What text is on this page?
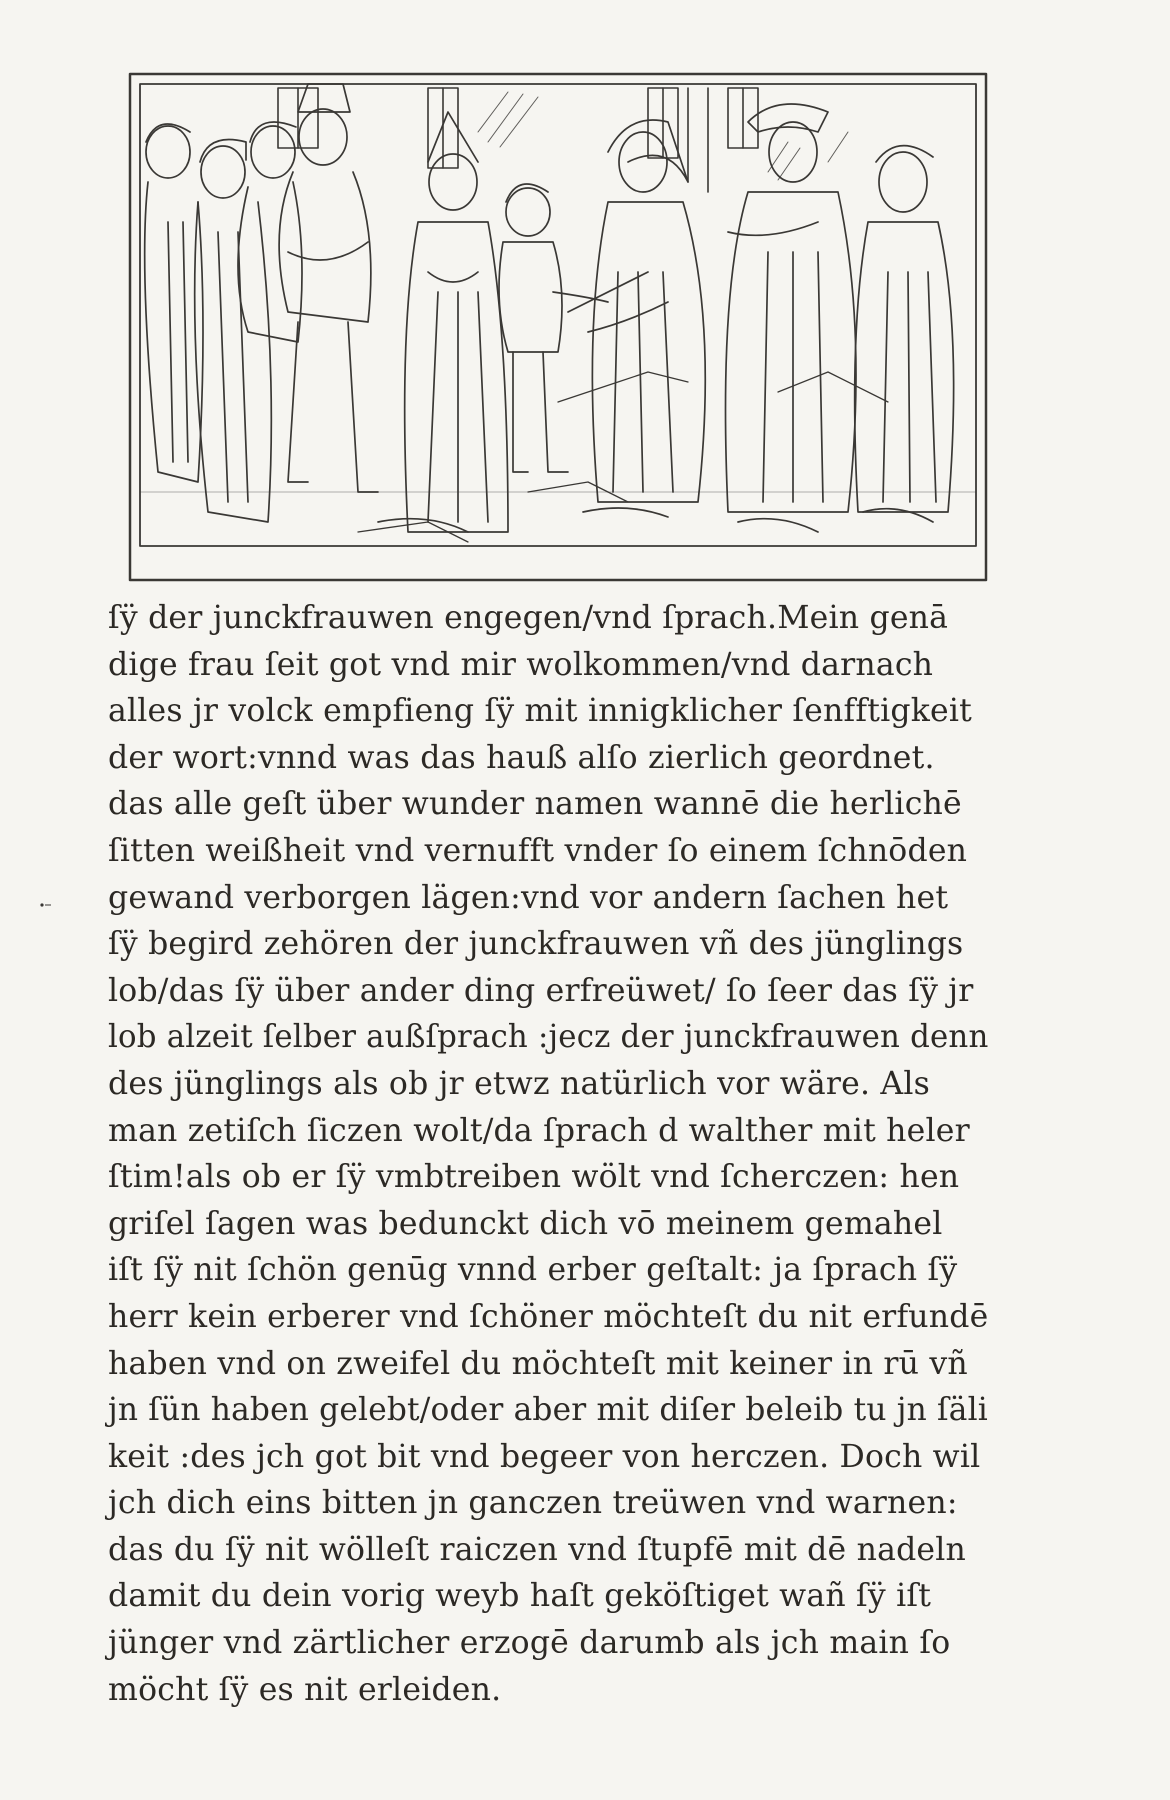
ſÿ der junckfrauwen engegen/vnd ſprach.Mein genā
dige frau ſeit got vnd mir wolkommen/vnd darnach
alles jr volck empfieng ſÿ mit innigklicher ſenfftigkeit
der wort:vnnd was das hauß alſo zierlich geordnet.
das alle geſt über wunder namen wannē die herlichē
ſitten weißheit vnd vernufft vnder ſo einem ſchnōden
gewand verborgen lägen:vnd vor andern ſachen het
ſÿ begird zehören der junckfrauwen vñ des jünglings
lob/das ſÿ über ander ding erfreüwet/ ſo ſeer das ſÿ jr
lob alzeit ſelber außſprach :jecz der junckfrauwen denn
des jünglings als ob jr etwz natürlich vor wäre. Als
man zetiſch ſiczen wolt/da ſprach d walther mit heler
ſtim!als ob er ſÿ vmbtreiben wölt vnd ſcherczen: hen
griſel ſagen was bedunckt dich vō meinem gemahel
iſt ſÿ nit ſchön genūg vnnd erber geſtalt: ja ſprach ſÿ
herr kein erberer vnd ſchöner möchteſt du nit erfundē
haben vnd on zweifel du möchteſt mit keiner in rū vñ
jn ſün haben gelebt/oder aber mit diſer beleib tu jn ſäli
keit :des jch got bit vnd begeer von herczen. Doch wil
jch dich eins bitten jn ganczen treüwen vnd warnen:
das du ſÿ nit wölleſt raiczen vnd ſtupfē mit dē nadeln
damit du dein vorig weyb haſt geköſtiget wañ ſÿ iſt
jünger vnd zärtlicher erzogē darumb als jch main ſo
möcht ſÿ es nit erleiden.
